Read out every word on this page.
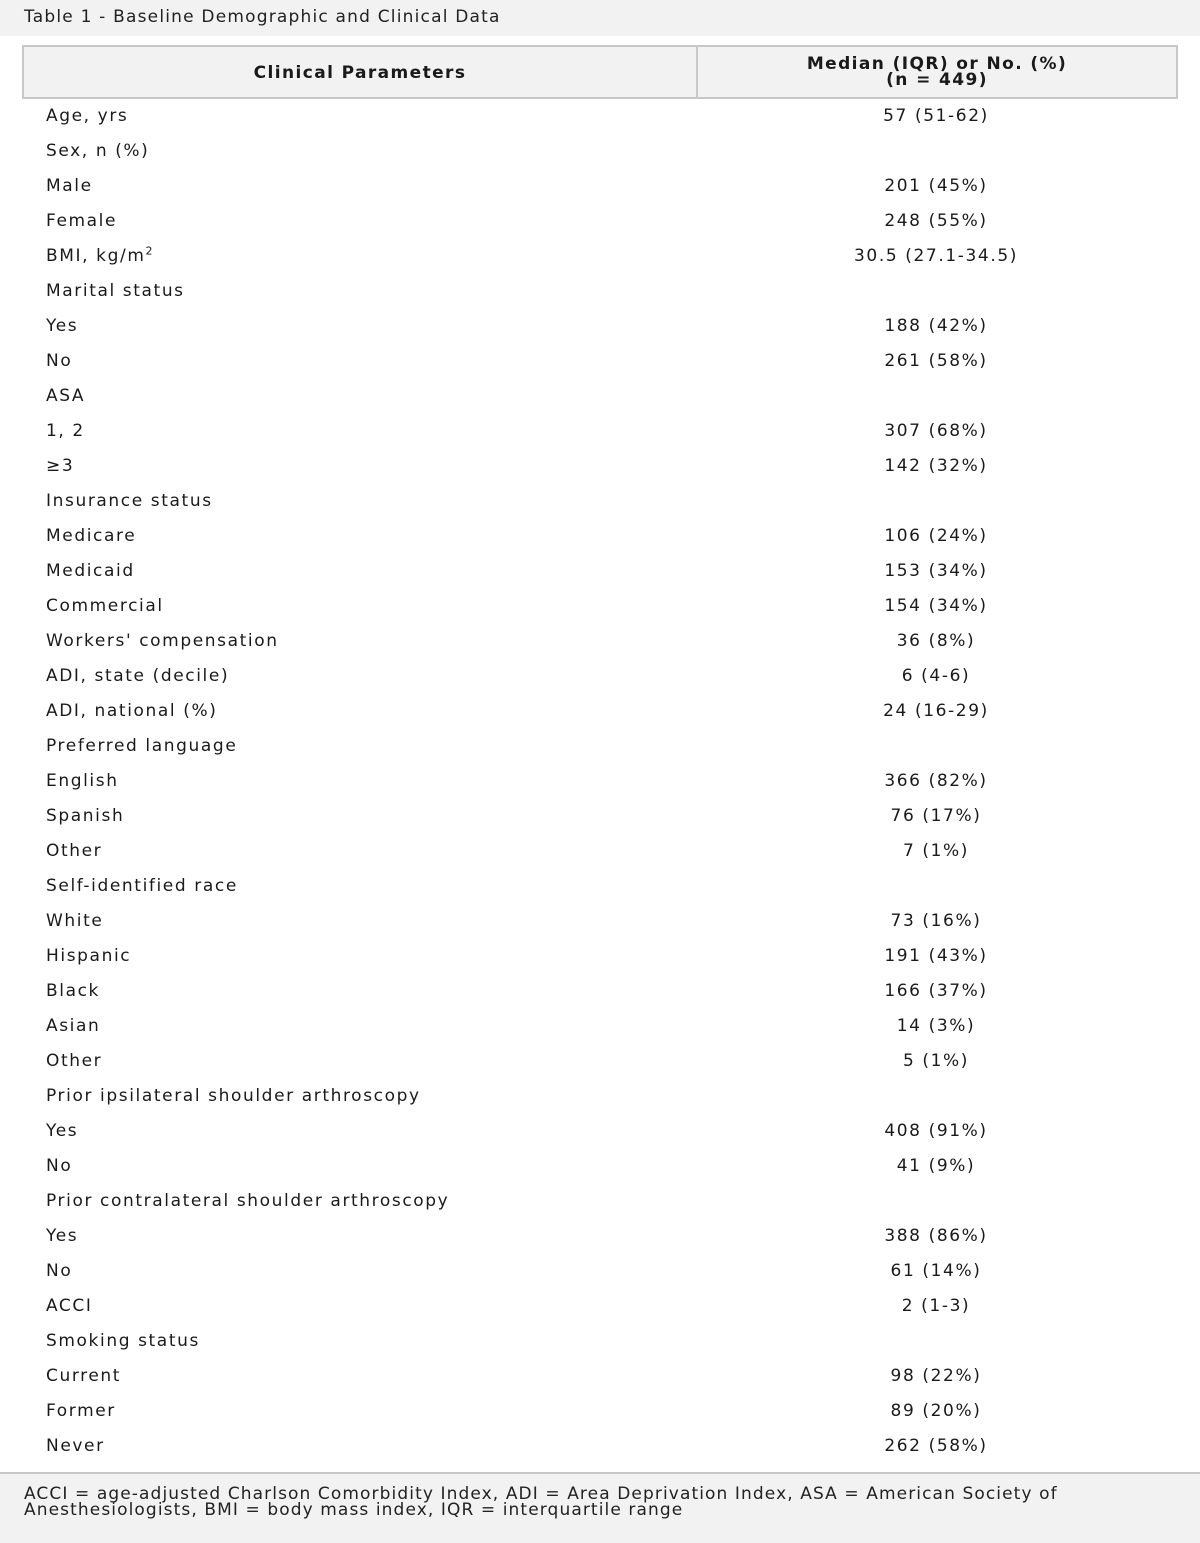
Table 1 - Baseline Demographic and Clinical Data
Clinical Parameters	Median (IQR) or No. (%)
(n = 449)
Age, yrs	57 (51-62)
Sex, n (%)
Male	201 (45%)
Female	248 (55%)
BMI, $kg/m^2$	30.5 (27.1-34.5)
Marital status
Yes	188 (42%)
No	261 (58%)
ASA
1, 2	307 (68%)
≥3	142 (32%)
Insurance status
Medicare	106 (24%)
Medicaid	153 (34%)
Commercial	154 (34%)
Workers' compensation	36 (8%)
ADI, state (decile)	6 (4-6)
ADI, national (%)	24 (16-29)
Preferred language
English	366 (82%)
Spanish	76 (17%)
Other	7 (1%)
Self-identified race
White	73 (16%)
Hispanic	191 (43%)
Black	166 (37%)
Asian	14 (3%)
Other	5 (1%)
Prior ipsilateral shoulder arthroscopy
Yes	408 (91%)
No	41 (9%)
Prior contralateral shoulder arthroscopy
Yes	388 (86%)
No	61 (14%)
ACCI	2 (1-3)
Smoking status
Current	98 (22%)
Former	89 (20%)
Never	262 (58%)
ACCI = age-adjusted Charlson Comorbidity Index, ADI = Area Deprivation Index, ASA = American Society of Anesthesiologists, BMI = body mass index, IQR = interquartile range
